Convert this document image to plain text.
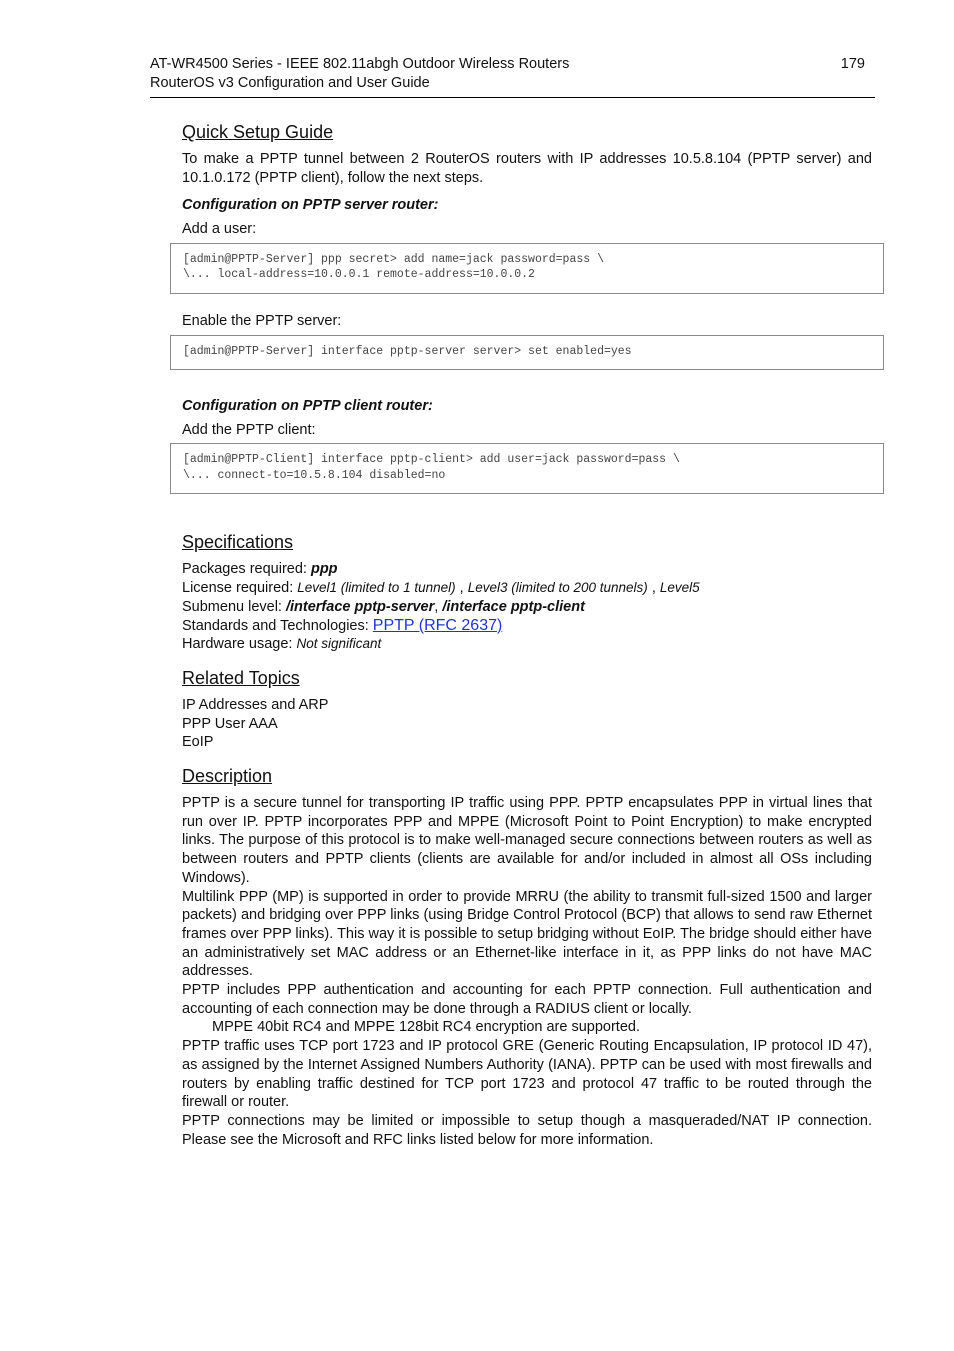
AT-WR4500 Series - IEEE 802.11abgh Outdoor Wireless Routers
RouterOS v3 Configuration and User Guide
179
Quick Setup Guide

To make a PPTP tunnel between 2 RouterOS routers with IP addresses 10.5.8.104 (PPTP server) and 10.1.0.172 (PPTP client), follow the next steps.

Configuration on PPTP server router:
Add a user:
[admin@PPTP-Server] ppp secret> add name=jack password=pass \
\... local-address=10.0.0.1 remote-address=10.0.0.2
Enable the PPTP server:
[admin@PPTP-Server] interface pptp-server server> set enabled=yes
Configuration on PPTP client router:
Add the PPTP client:
[admin@PPTP-Client] interface pptp-client> add user=jack password=pass \
\... connect-to=10.5.8.104 disabled=no
Specifications
Packages required: ppp
License required: Level1 (limited to 1 tunnel) , Level3 (limited to 200 tunnels) , Level5
Submenu level: /interface pptp-server, /interface pptp-client
Standards and Technologies: PPTP (RFC 2637)
Hardware usage: Not significant
Related Topics
IP Addresses and ARP
PPP User AAA
EoIP
Description

PPTP is a secure tunnel for transporting IP traffic using PPP. PPTP encapsulates PPP in virtual lines that run over IP. PPTP incorporates PPP and MPPE (Microsoft Point to Point Encryption) to make encrypted links. The purpose of this protocol is to make well-managed secure connections between routers as well as between routers and PPTP clients (clients are available for and/or included in almost all OSs including Windows).

Multilink PPP (MP) is supported in order to provide MRRU (the ability to transmit full-sized 1500 and larger packets) and bridging over PPP links (using Bridge Control Protocol (BCP) that allows to send raw Ethernet frames over PPP links). This way it is possible to setup bridging without EoIP. The bridge should either have an administratively set MAC address or an Ethernet-like interface in it, as PPP links do not have MAC addresses.

PPTP includes PPP authentication and accounting for each PPTP connection. Full authentication and accounting of each connection may be done through a RADIUS client or locally.

MPPE 40bit RC4 and MPPE 128bit RC4 encryption are supported.

PPTP traffic uses TCP port 1723 and IP protocol GRE (Generic Routing Encapsulation, IP protocol ID 47), as assigned by the Internet Assigned Numbers Authority (IANA). PPTP can be used with most firewalls and routers by enabling traffic destined for TCP port 1723 and protocol 47 traffic to be routed through the firewall or router.

PPTP connections may be limited or impossible to setup though a masqueraded/NAT IP connection. Please see the Microsoft and RFC links listed below for more information.
